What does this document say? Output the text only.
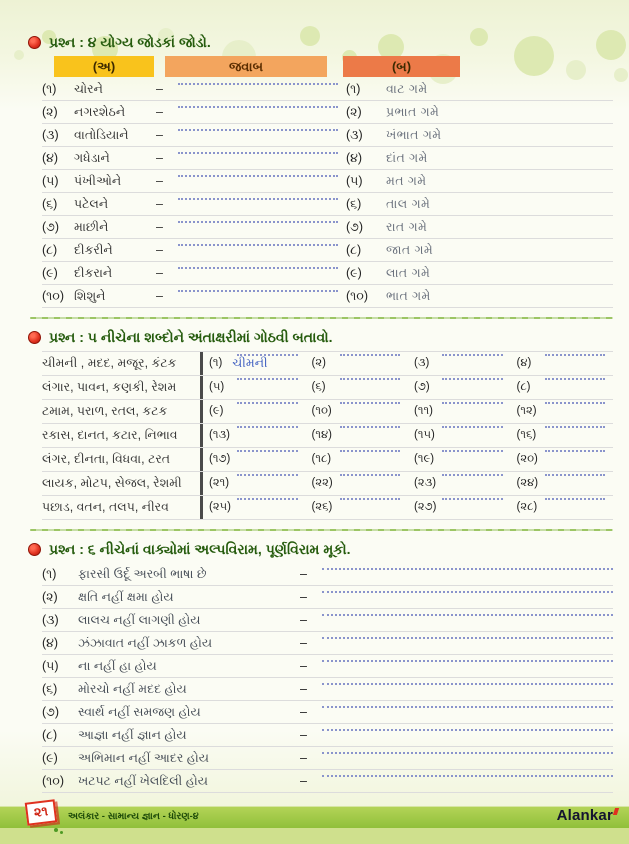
પ્રશ્ન : ૪ યોગ્ય જોડકાં જોડો.
(અ)	જવાબ	(બ)
(૧)	ચોરને	–	(૧)	વાટ ગમે
(૨)	નગરશેઠને	–	(૨)	પ્રભાત ગમે
(૩)	વાતોડિયાને	–	(૩)	ખંભાત ગમે
(૪)	ગધેડાને	–	(૪)	દાંત ગમે
(૫)	પંખીઓને	–	(૫)	મત ગમે
(૬)	પટેલને	–	(૬)	તાલ ગમે
(૭)	માછીને	–	(૭)	રાત ગમે
(૮)	દીકરીને	–	(૮)	જાત ગમે
(૯)	દીકરાને	–	(૯)	લાત ગમે
(૧૦) શિશુને	–	(૧૦)	ભાત ગમે
પ્રશ્ન : ૫ નીચેના શબ્દોને અંતાક્ષરીમાં ગોઠવી બતાવો.
ચીમની , મદદ, મજૂર, કંટક	(૧) ચીમની	(૨)	(૩)	(૪)
લંગાર, પાવન, કણકી, રેશમ	(૫)	(૬)	(૭)	(૮)
ટમામ, પરાળ, રતલ, કટક	(૯)	(૧૦)	(૧૧)	(૧૨)
રકાસ, દાનત, કટાર, નિભાવ	(૧૩)	(૧૪)	(૧૫)	(૧૬)
લંગર, દીનતા, વિધવા, ટરત	(૧૭)	(૧૮)	(૧૯)	(૨૦)
લાયક, મોટપ, સેજલ, રેશમી	(૨૧)	(૨૨)	(૨૩)	(૨૪)
પછાડ, વતન, તલપ, નીરવ	(૨૫)	(૨૬)	(૨૭)	(૨૮)
પ્રશ્ન : ૬ નીચેનાં વાક્યોમાં અલ્પવિરામ, પૂર્ણવિરામ મૂકો.
(૧)	ફારસી ઉર્દૂ અરબી ભાષા છે	–
(૨)	ક્ષતિ નહીં ક્ષમા હોય	–
(૩)	લાલચ નહીં લાગણી હોય	–
(૪)	ઝંઝાવાત નહીં ઝાકળ હોય	–
(૫)	ના નહીં હા હોય	–
(૬)	મોરચો નહીં મદદ હોય	–
(૭)	સ્વાર્થ નહીં સમજણ હોય	–
(૮)	આજ્ઞા નહીં જ્ઞાન હોય	–
(૯)	અભિમાન નહીં આદર હોય	–
(૧૦)	ખટપટ નહીં ખેલદિલી હોય	–
૨૧	અલંકાર - સામાન્ય જ્ઞાન - ધોરણ-૪	Alankar
